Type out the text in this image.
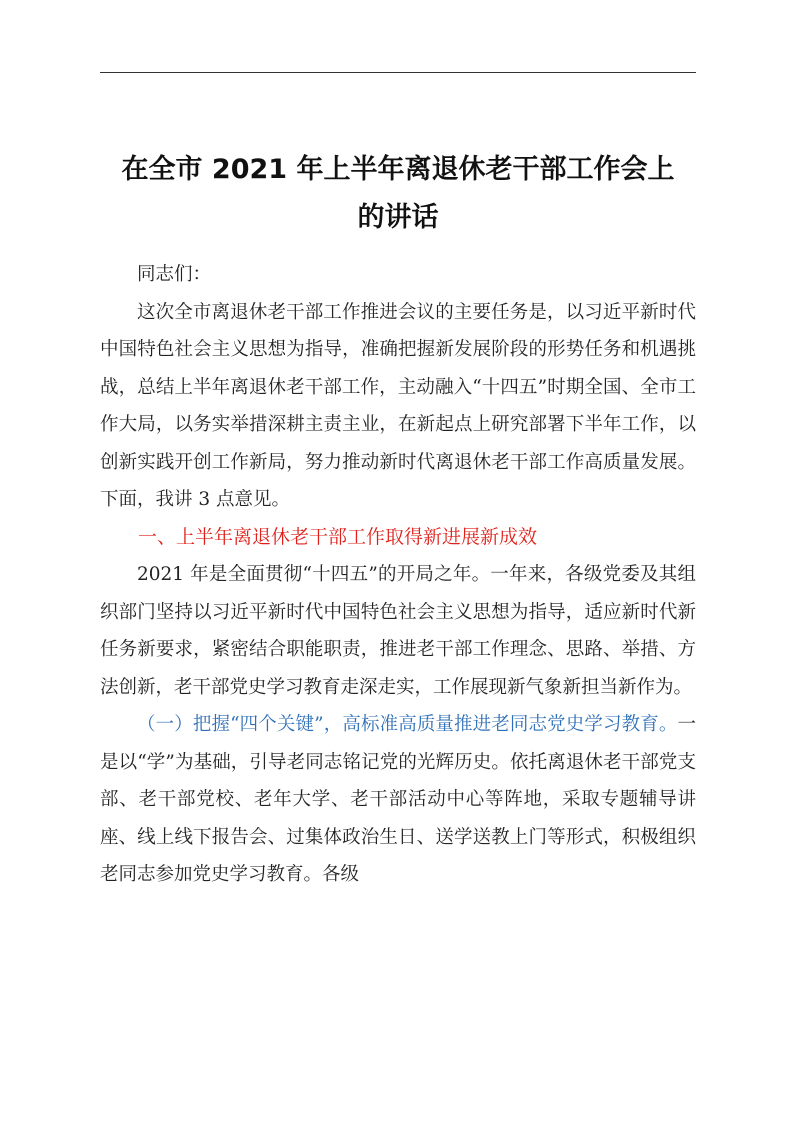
在全市 2021 年上半年离退休老干部工作会上
的讲话

同志们：

这次全市离退休老干部工作推进会议的主要任务是，以习近平新时代中国特色社会主义思想为指导，准确把握新发展阶段的形势任务和机遇挑战，总结上半年离退休老干部工作，主动融入“十四五”时期全国、全市工作大局，以务实举措深耕主责主业，在新起点上研究部署下半年工作，以创新实践开创工作新局，努力推动新时代离退休老干部工作高质量发展。下面，我讲 3 点意见。

一、上半年离退休老干部工作取得新进展新成效

2021 年是全面贯彻“十四五”的开局之年。一年来，各级党委及其组织部门坚持以习近平新时代中国特色社会主义思想为指导，适应新时代新任务新要求，紧密结合职能职责，推进老干部工作理念、思路、举措、方法创新，老干部党史学习教育走深走实，工作展现新气象新担当新作为。

（一）把握“四个关键”，高标准高质量推进老同志党史学习教育。一是以“学”为基础，引导老同志铭记党的光辉历史。依托离退休老干部党支部、老干部党校、老年大学、老干部活动中心等阵地，采取专题辅导讲座、线上线下报告会、过集体政治生日、送学送教上门等形式，积极组织老同志参加党史学习教育。各级
